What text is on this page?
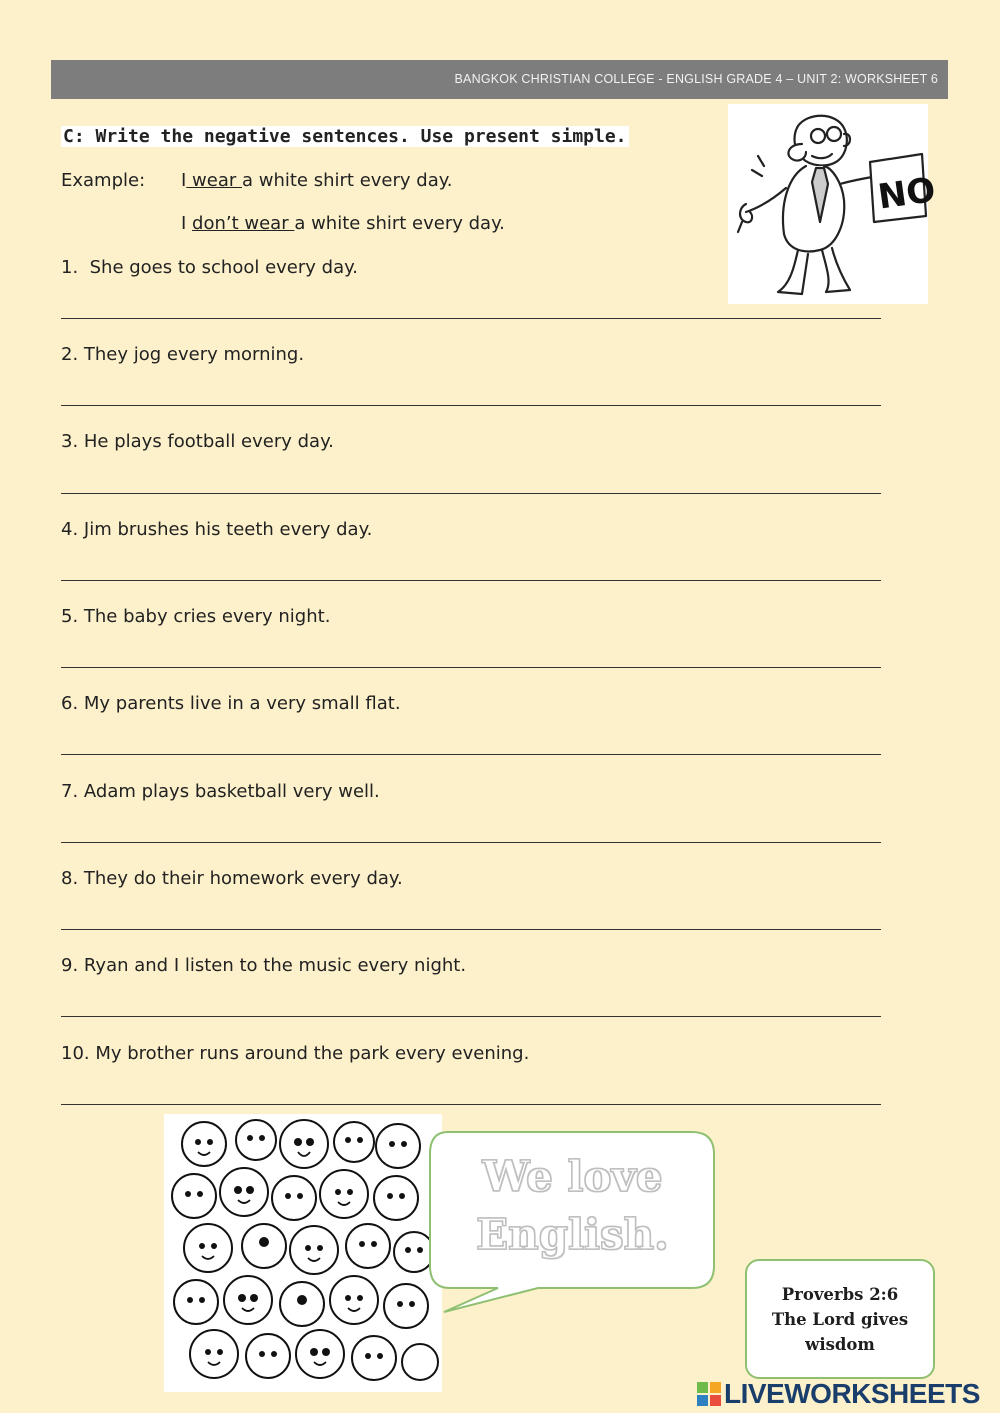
BANGKOK CHRISTIAN COLLEGE - ENGLISH GRADE 4 – UNIT 2: WORKSHEET 6
C: Write the negative sentences. Use present simple.
Example: I wear a white shirt every day.
I don’t wear a white shirt every day.
1.  She goes to school every day.
2. They jog every morning.
3. He plays football every day.
4. Jim brushes his teeth every day.
5. The baby cries every night.
6. My parents live in a very small flat.
7. Adam plays basketball very well.
8. They do their homework every day.
9. Ryan and I listen to the music every night.
10. My brother runs around the park every evening.
NO
We love
English.
Proverbs 2:6
The Lord gives
wisdom
LIVEWORKSHEETS
